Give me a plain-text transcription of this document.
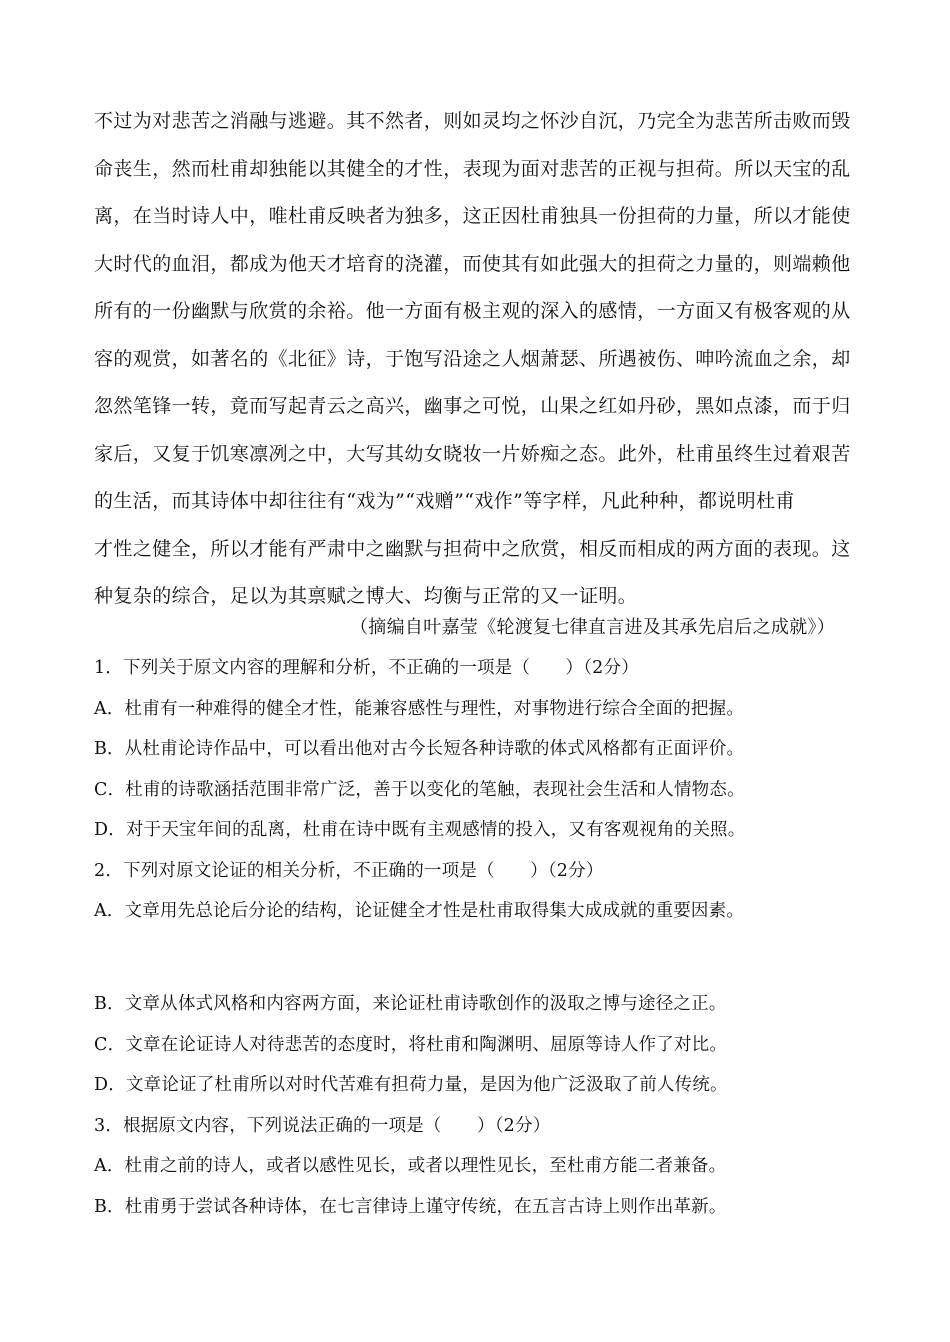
不过为对悲苦之消融与逃避。其不然者，则如灵均之怀沙自沉，乃完全为悲苦所击败而毁
命丧生，然而杜甫却独能以其健全的才性，表现为面对悲苦的正视与担荷。所以天宝的乱
离，在当时诗人中，唯杜甫反映者为独多，这正因杜甫独具一份担荷的力量，所以才能使
大时代的血泪，都成为他天才培育的浇灌，而使其有如此强大的担荷之力量的，则端赖他
所有的一份幽默与欣赏的余裕。他一方面有极主观的深入的感情，一方面又有极客观的从
容的观赏，如著名的《北征》诗，于饱写沿途之人烟萧瑟、所遇被伤、呻吟流血之余，却
忽然笔锋一转，竟而写起青云之高兴，幽事之可悦，山果之红如丹砂，黑如点漆，而于归
家后，又复于饥寒凛冽之中，大写其幼女晓妆一片娇痴之态。此外，杜甫虽终生过着艰苦
的生活，而其诗体中却往往有“戏为”“戏赠”“戏作”等字样，凡此种种，都说明杜甫
才性之健全，所以才能有严肃中之幽默与担荷中之欣赏，相反而相成的两方面的表现。这
种复杂的综合，足以为其禀赋之博大、均衡与正常的又一证明。
（摘编自叶嘉莹《轮渡复七律直言进及其承先启后之成就》）
1．下列关于原文内容的理解和分析，不正确的一项是（　　）（2分）
A．杜甫有一种难得的健全才性，能兼容感性与理性，对事物进行综合全面的把握。
B．从杜甫论诗作品中，可以看出他对古今长短各种诗歌的体式风格都有正面评价。
C．杜甫的诗歌涵括范围非常广泛，善于以变化的笔触，表现社会生活和人情物态。
D．对于天宝年间的乱离，杜甫在诗中既有主观感情的投入，又有客观视角的关照。
2．下列对原文论证的相关分析，不正确的一项是（　　）（2分）
A．文章用先总论后分论的结构，论证健全才性是杜甫取得集大成成就的重要因素。
B．文章从体式风格和内容两方面，来论证杜甫诗歌创作的汲取之博与途径之正。
C．文章在论证诗人对待悲苦的态度时，将杜甫和陶渊明、屈原等诗人作了对比。
D．文章论证了杜甫所以对时代苦难有担荷力量，是因为他广泛汲取了前人传统。
3．根据原文内容，下列说法正确的一项是（　　）（2分）
A．杜甫之前的诗人，或者以感性见长，或者以理性见长，至杜甫方能二者兼备。
B．杜甫勇于尝试各种诗体，在七言律诗上谨守传统，在五言古诗上则作出革新。
